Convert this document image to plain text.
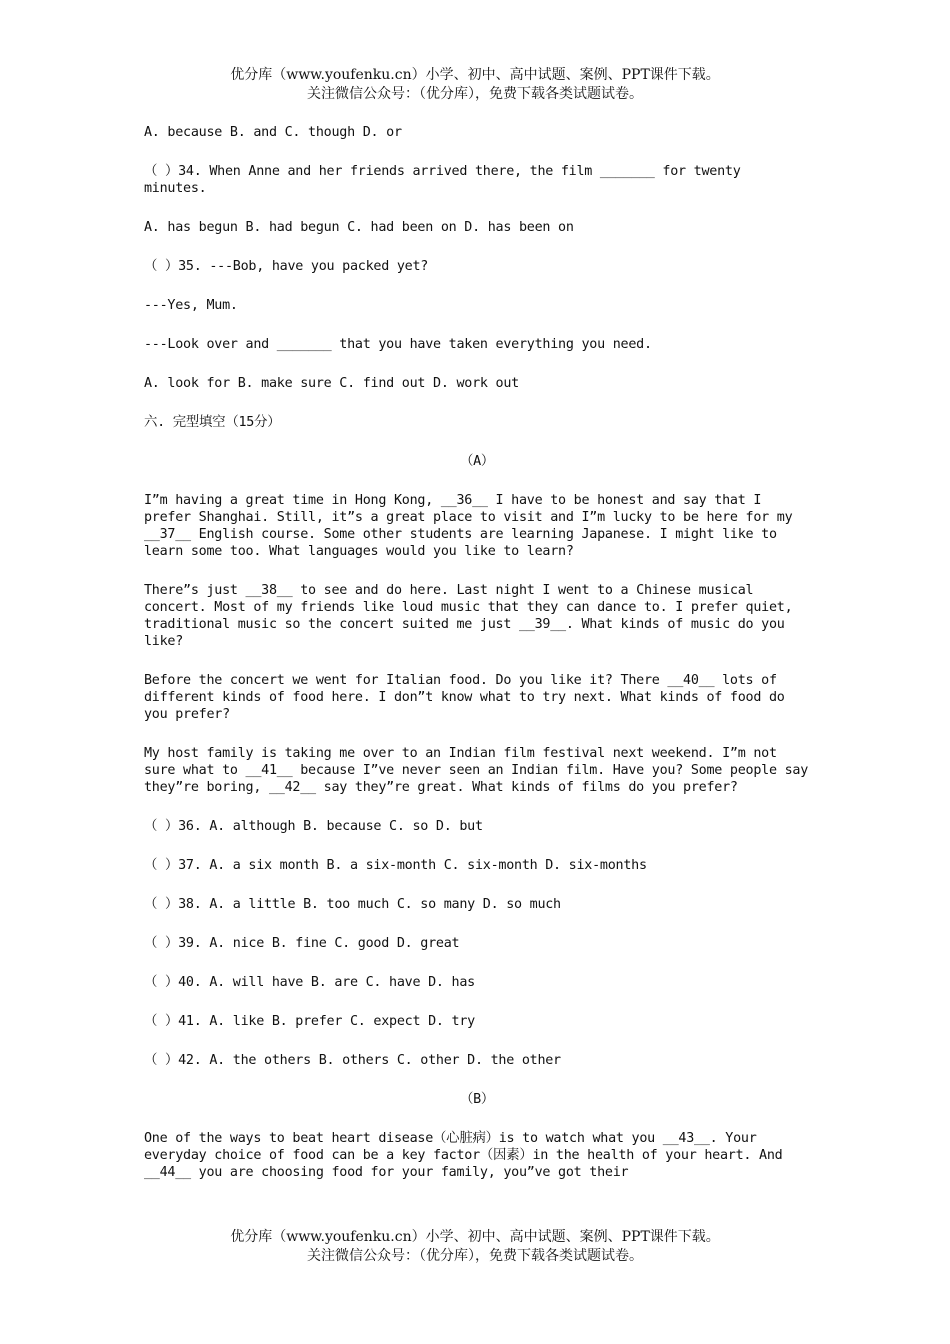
优分库（www.youfenku.cn）小学、初中、高中试题、案例、PPT课件下载。
关注微信公众号：（优分库），免费下载各类试题试卷。

A. because B. and C. though D. or

（ ）34. When Anne and her friends arrived there, the film _______ for twenty minutes.

A. has begun B. had begun C. had been on D. has been on

（ ）35. ---Bob, have you packed yet?

---Yes, Mum.

---Look over and _______ that you have taken everything you need.

A. look for B. make sure C. find out D. work out

六. 完型填空（15分）

（A）

I”m having a great time in Hong Kong, __36__ I have to be honest and say that I prefer Shanghai. Still, it”s a great place to visit and I”m lucky to be here for my __37__ English course. Some other students are learning Japanese. I might like to learn some too. What languages would you like to learn?

There”s just __38__ to see and do here. Last night I went to a Chinese musical concert. Most of my friends like loud music that they can dance to. I prefer quiet, traditional music so the concert suited me just __39__. What kinds of music do you like?

Before the concert we went for Italian food. Do you like it? There __40__ lots of different kinds of food here. I don”t know what to try next. What kinds of food do you prefer?

My host family is taking me over to an Indian film festival next weekend. I”m not sure what to __41__ because I”ve never seen an Indian film. Have you? Some people say they”re boring, __42__ say they”re great. What kinds of films do you prefer?

（ ）36. A. although B. because C. so D. but

（ ）37. A. a six month B. a six-month C. six-month D. six-months

（ ）38. A. a little B. too much C. so many D. so much

（ ）39. A. nice B. fine C. good D. great

（ ）40. A. will have B. are C. have D. has

（ ）41. A. like B. prefer C. expect D. try

（ ）42. A. the others B. others C. other D. the other

（B）

One of the ways to beat heart disease（心脏病）is to watch what you __43__. Your everyday choice of food can be a key factor（因素）in the health of your heart. And __44__ you are choosing food for your family, you”ve got their

优分库（www.youfenku.cn）小学、初中、高中试题、案例、PPT课件下载。
关注微信公众号：（优分库），免费下载各类试题试卷。
